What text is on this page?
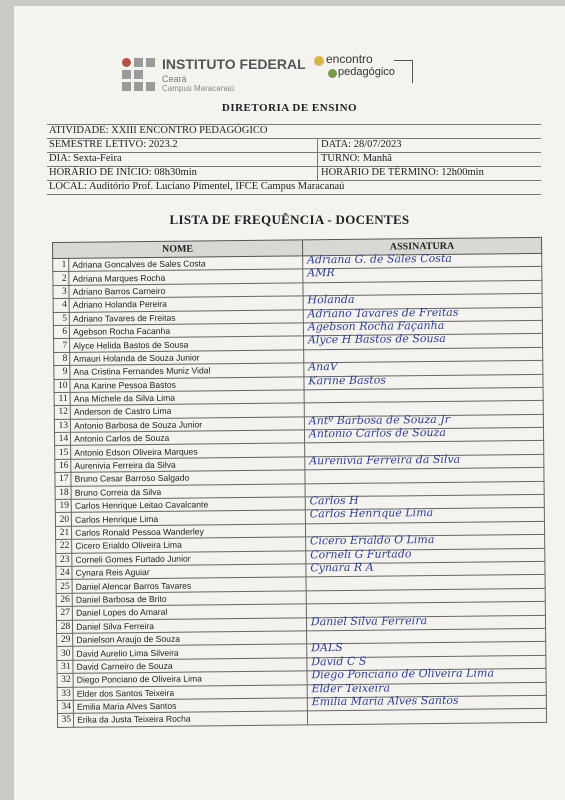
INSTITUTO FEDERAL
Ceará
Campus Maracanaú
encontro
pedagógico
DIRETORIA DE ENSINO
ATIVIDADE: XXIII ENCONTRO PEDAGÓGICO
SEMESTRE LETIVO: 2023.2	DATA: 28/07/2023
DIA: Sexta-Feira	TURNO: Manhã
HORÁRIO DE INÍCIO: 08h30min	HORÁRIO DE TÉRMINO: 12h00min
LOCAL: Auditório Prof. Luciano Pimentel, IFCE Campus Maracanaú
LISTA DE FREQUÊNCIA - DOCENTES
NOME		ASSINATURA
1	Adriana Goncalves de Sales Costa	Adriana G. de Sales Costa

2	Adriana Marques Rocha	AMR

3	Adriano Barros Carneiro	

4	Adriano Holanda Pereira	Holanda

5	Adriano Tavares de Freitas	Adriano Tavares de Freitas

6	Agebson Rocha Facanha	Agebson Rocha Façanha

7	Alyce Helida Bastos de Sousa	Alyce H Bastos de Sousa

8	Amauri Holanda de Souza Junior	

9	Ana Cristina Fernandes Muniz Vidal	AnaV

10	Ana Karine Pessoa Bastos	Karine Bastos

11	Ana Michele da Silva Lima	

12	Anderson de Castro Lima	

13	Antonio Barbosa de Souza Junior	Antº Barbosa de Souza Jr

14	Antonio Carlos de Souza	Antonio Carlos de Souza

15	Antonio Edson Oliveira Marques	

16	Aurenivia Ferreira da Silva	Aurenivia Ferreira da Silva

17	Bruno Cesar Barroso Salgado	

18	Bruno Correia da Silva	

19	Carlos Henrique Leitao Cavalcante	Carlos H

20	Carlos Henrique Lima	Carlos Henrique Lima

21	Carlos Ronald Pessoa Wanderley	

22	Cicero Erialdo Oliveira Lima	Cicero Erialdo O Lima

23	Corneli Gomes Furtado Junior	Corneli G Furtado

24	Cynara Reis Aguiar	Cynara R A

25	Daniel Alencar Barros Tavares	

26	Daniel Barbosa de Brito	

27	Daniel Lopes do Amaral	

28	Daniel Silva Ferreira	Daniel Silva Ferreira

29	Danielson Araujo de Souza	

30	David Aurelio Lima Silveira	DALS

31	David Carneiro de Souza	David C S

32	Diego Ponciano de Oliveira Lima	Diego Ponciano de Oliveira Lima

33	Elder dos Santos Teixeira	Elder Teixeira

34	Emilia Maria Alves Santos	Emilia Maria Alves Santos

35	Erika da Justa Teixeira Rocha	
